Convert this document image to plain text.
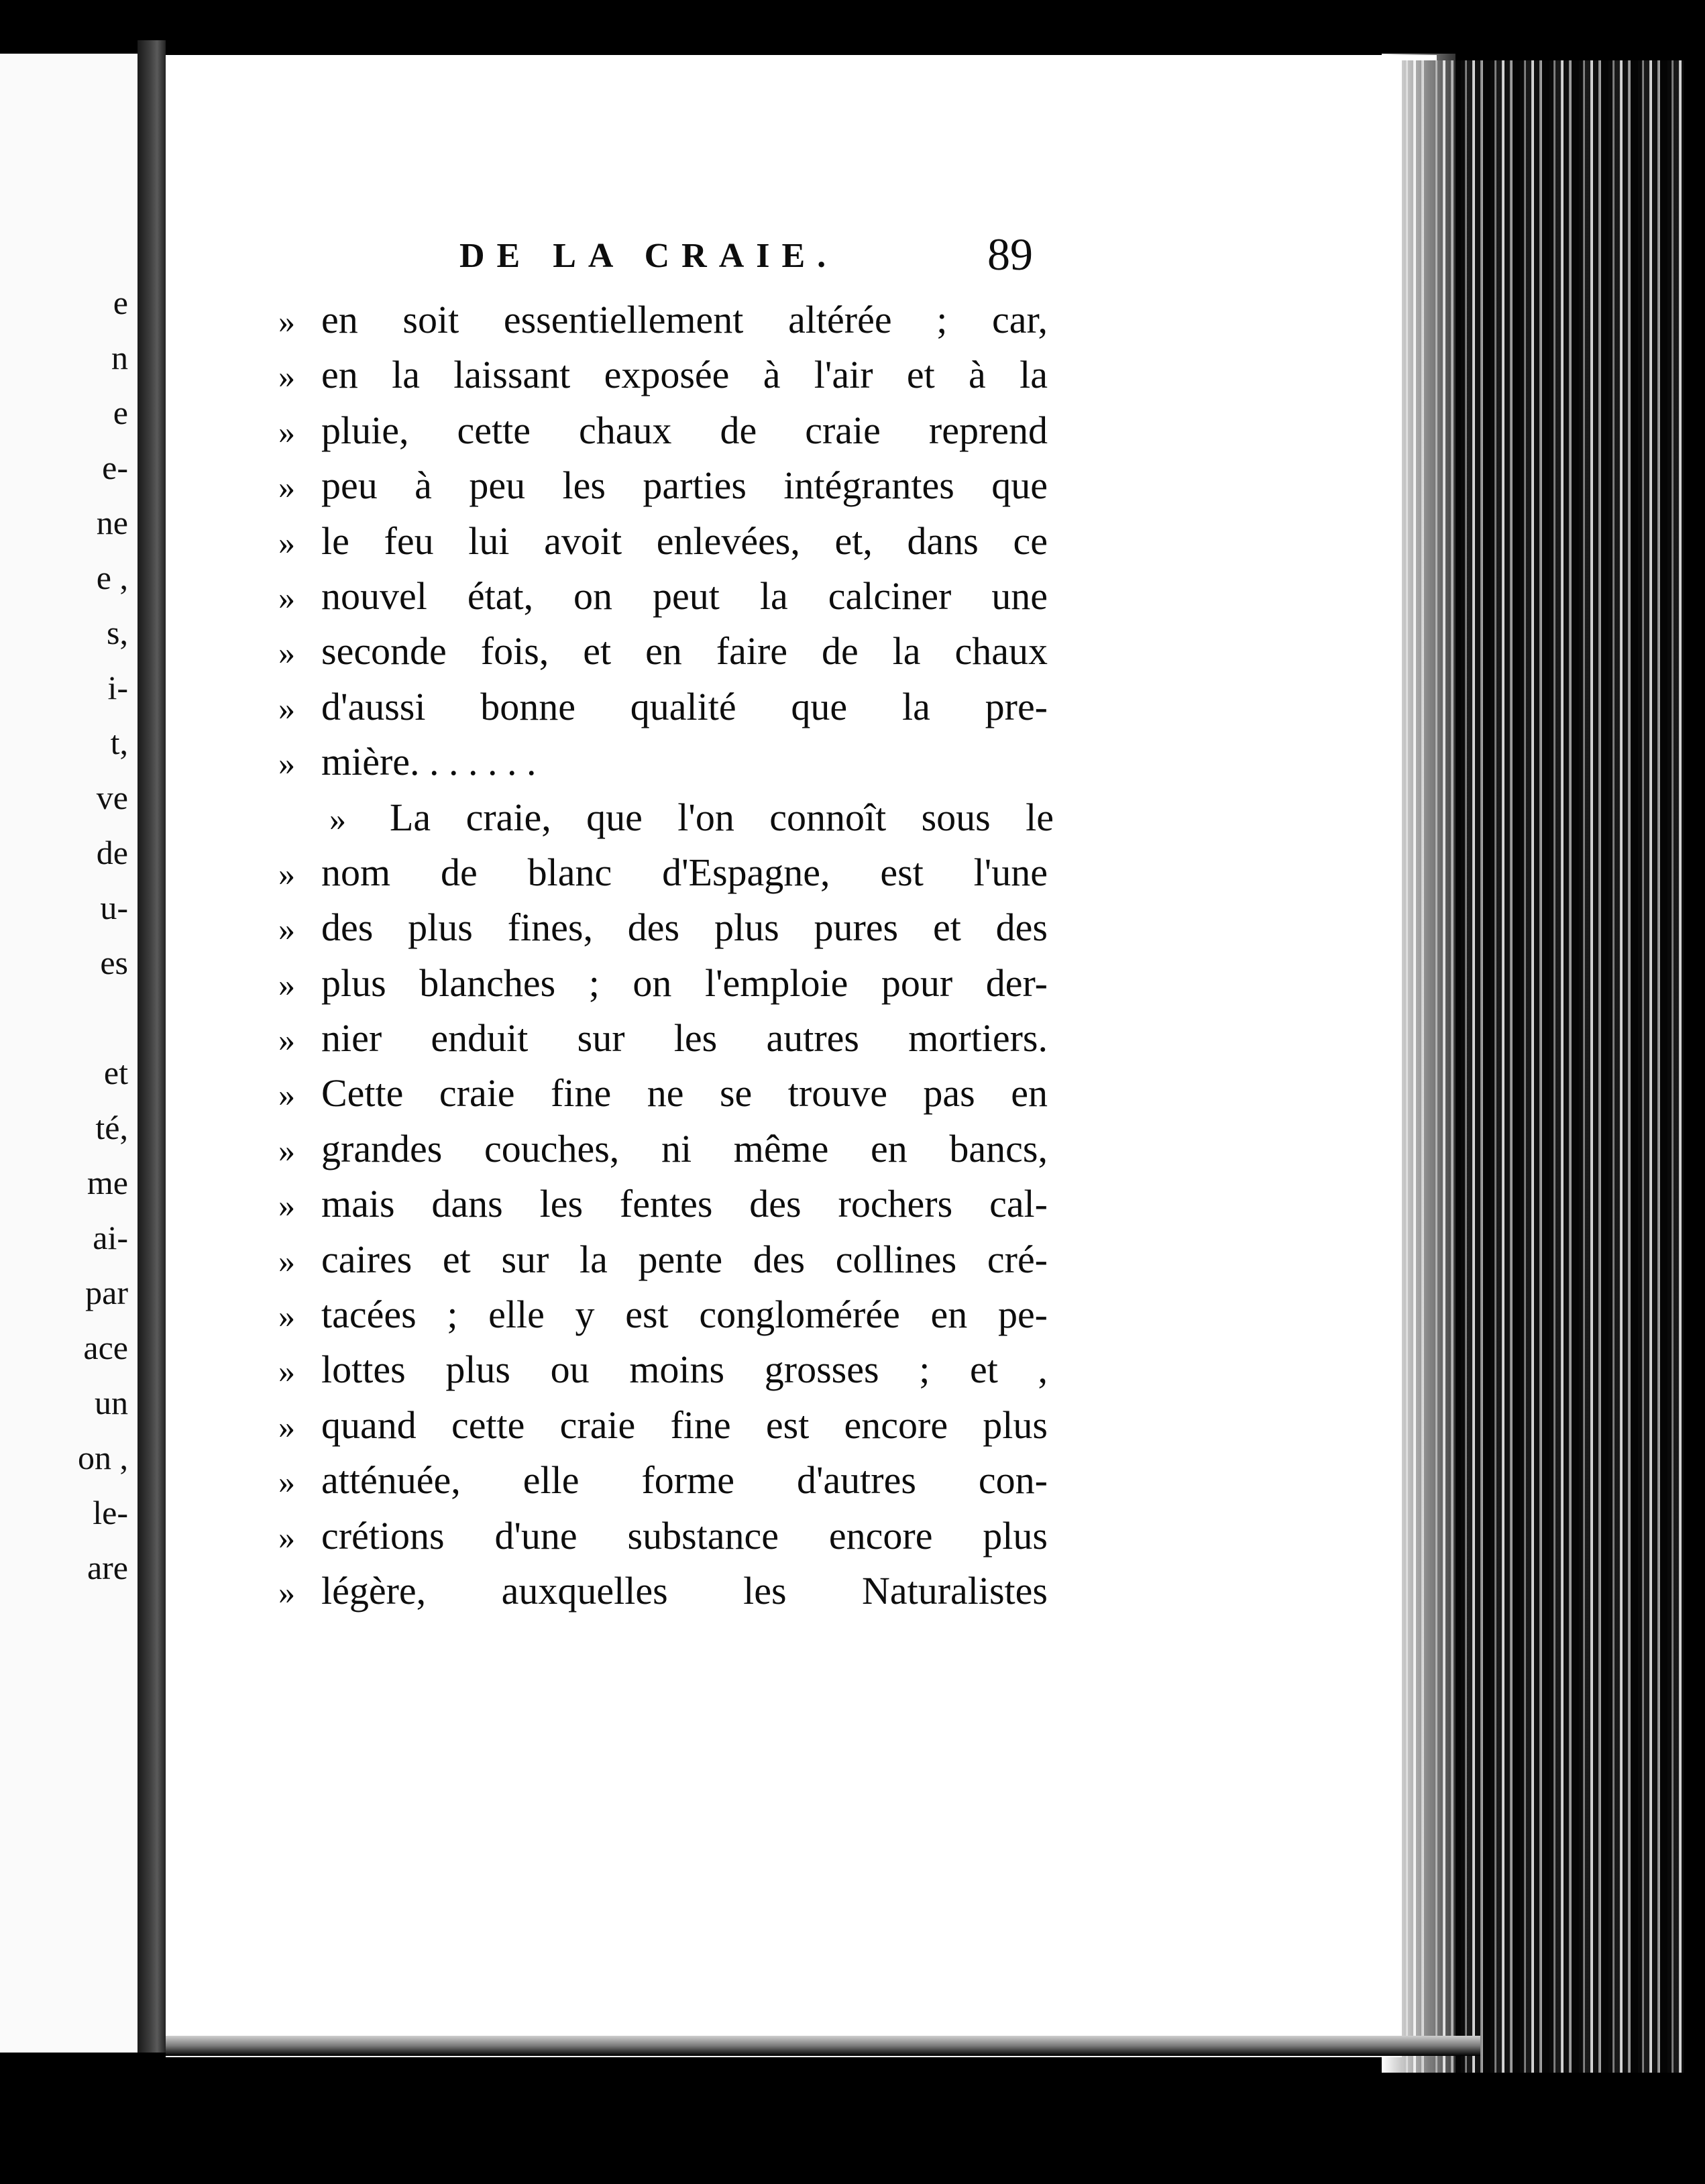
e
n
e
e-
ne
e ,
s,
i-
t,
ve
de
u-
es
et
té,
me
ai-
par
ace
un
on ,
le-
are
DE LA CRAIE.	89
» en soit essentiellement altérée ; car,
» en la laissant exposée à l'air et à la
» pluie, cette chaux de craie reprend
» peu à peu les parties intégrantes que
» le feu lui avoit enlevées, et, dans ce
» nouvel état, on peut la calciner une
» seconde fois, et en faire de la chaux
» d'aussi bonne qualité que la pre-
» mière. . . . . . .
» La craie, que l'on connoît sous le
» nom de blanc d'Espagne, est l'une
» des plus fines, des plus pures et des
» plus blanches ; on l'emploie pour der-
» nier enduit sur les autres mortiers.
» Cette craie fine ne se trouve pas en
» grandes couches, ni même en bancs,
» mais dans les fentes des rochers cal-
» caires et sur la pente des collines cré-
» tacées ; elle y est conglomérée en pe-
» lottes plus ou moins grosses ; et ,
» quand cette craie fine est encore plus
» atténuée, elle forme d'autres con-
» crétions d'une substance encore plus
» légère, auxquelles les Naturalistes
